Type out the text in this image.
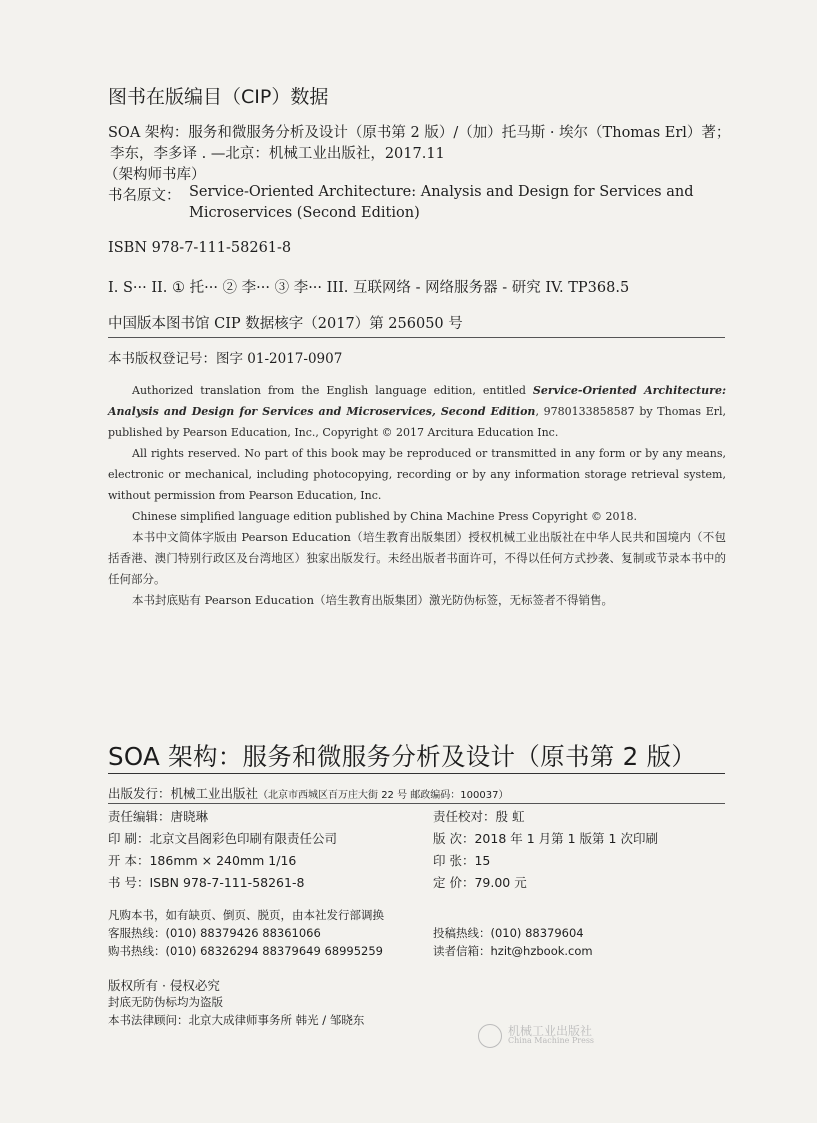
图书在版编目（CIP）数据
SOA 架构：服务和微服务分析及设计（原书第 2 版）/（加）托马斯 · 埃尔（Thomas Erl）著；
李东，李多译 . —北京：机械工业出版社，2017.11
（架构师书库）
书名原文： Service-Oriented Architecture: Analysis and Design for Services and
Microservices (Second Edition)
ISBN 978-7-111-58261-8
I. S··· II. ① 托··· ② 李··· ③ 李··· III. 互联网络 - 网络服务器 - 研究 IV. TP368.5
中国版本图书馆 CIP 数据核字（2017）第 256050 号
本书版权登记号：图字 01-2017-0907

Authorized translation from the English language edition, entitled Service-Oriented Architecture: Analysis and Design for Services and Microservices, Second Edition, 9780133858587 by Thomas Erl, published by Pearson Education, Inc., Copyright © 2017 Arcitura Education Inc.

All rights reserved. No part of this book may be reproduced or transmitted in any form or by any means, electronic or mechanical, including photocopying, recording or by any information storage retrieval system, without permission from Pearson Education, Inc.

Chinese simplified language edition published by China Machine Press Copyright © 2018.

本书中文简体字版由 Pearson Education（培生教育出版集团）授权机械工业出版社在中华人民共和国境内（不包括香港、澳门特别行政区及台湾地区）独家出版发行。未经出版者书面许可，不得以任何方式抄袭、复制或节录本书中的任何部分。

本书封底贴有 Pearson Education（培生教育出版集团）激光防伪标签，无标签者不得销售。

SOA 架构：服务和微服务分析及设计（原书第 2 版）
出版发行：机械工业出版社（北京市西城区百万庄大街 22 号 邮政编码：100037）
责任编辑：唐晓琳	责任校对：殷 虹
印 刷：北京文昌阁彩色印刷有限责任公司	版 次：2018 年 1 月第 1 版第 1 次印刷
开 本：186mm × 240mm 1/16	印 张：15
书 号：ISBN 978-7-111-58261-8	定 价：79.00 元
凡购本书，如有缺页、倒页、脱页，由本社发行部调换
客服热线：(010) 88379426 88361066	投稿热线：(010) 88379604
购书热线：(010) 68326294 88379649 68995259	读者信箱：hzit@hzbook.com
版权所有 · 侵权必究
封底无防伪标均为盗版
本书法律顾问：北京大成律师事务所 韩光 / 邹晓东
机械工业出版社
China Machine Press
